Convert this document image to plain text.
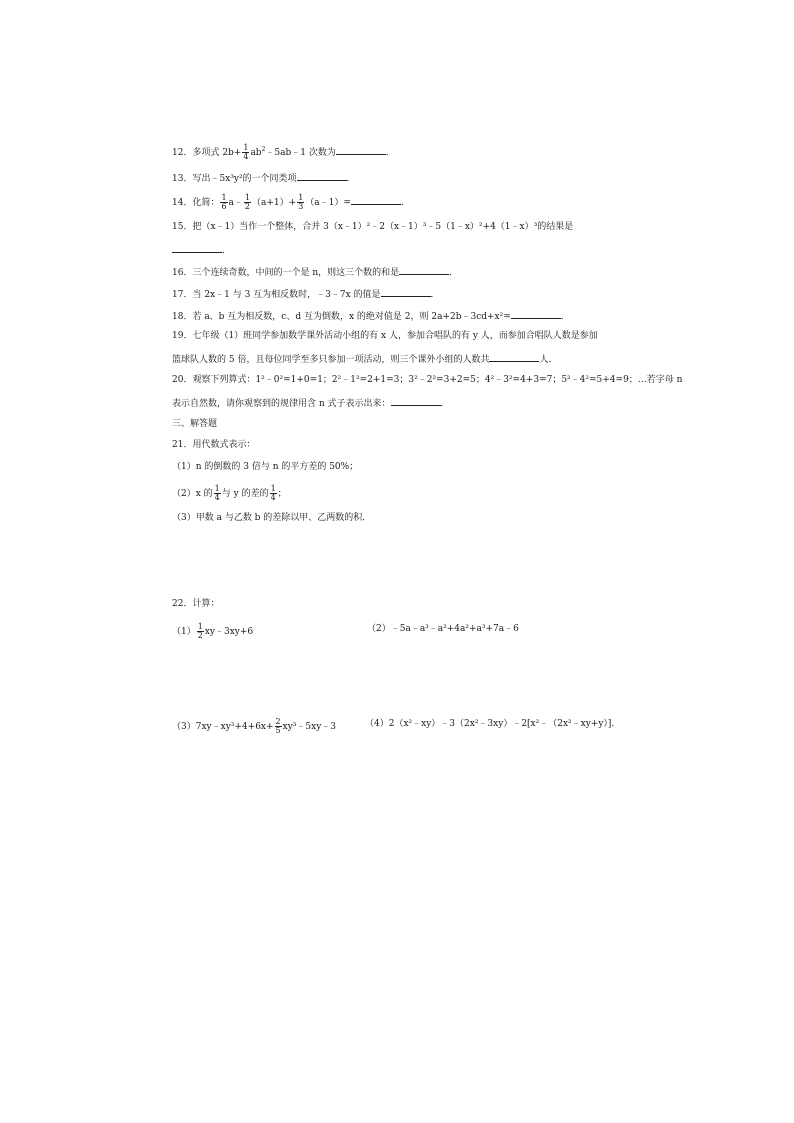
12．多项式 $2b+ \frac{1}{4}$ $ab^2﹣5ab﹣1$ 次数为	．
13．写出﹣5x³y²的一个同类项	．
14．化简： $\frac{1}{6}$ a﹣ $\frac{1}{2} (a+1)+ \frac{1}{3}$ （a﹣1）=	．
15．把（x﹣1）当作一个整体，合并 3（x﹣1）²﹣2（x﹣1）³﹣5（1﹣x）²+4（1﹣x）³的结果是
．
16．三个连续奇数，中间的一个是 n，则这三个数的和是	．
17．当 2x﹣1 与 3 互为相反数时，﹣3﹣7x 的值是	．
18．若 a、b 互为相反数，c、d 互为倒数，x 的绝对值是 2，则 2a+2b﹣3cd+x²=	．
19．七年级（1）班同学参加数学课外活动小组的有 x 人，参加合唱队的有 y 人，而参加合唱队人数是参加
篮球队人数的 5 倍，且每位同学至多只参加一项活动，则三个课外小组的人数共	人．
20．观察下列算式：1²﹣0²=1+0=1；2²﹣1²=2+1=3；3²﹣2²=3+2=5；4²﹣3²=4+3=7；5²﹣4²=5+4=9；…若字母 n
表示自然数，请你观察到的规律用含 n 式子表示出来：	．
三、解答题
21．用代数式表示：
（1）n 的倒数的 3 倍与 n 的平方差的 50%；
（2）x 的 $\frac{1}{4}$ 与 y 的差的 $\frac{1}{4}$ ；
（3）甲数 a 与乙数 b 的差除以甲、乙两数的积．
22．计算：
$(1) \frac{1}{2}$ xy﹣3xy+6	（2）﹣5a﹣a³﹣a²+4a²+a³+7a﹣6
（3）7xy﹣xy³+4+6x+ $\frac{2}{5}$ xy³﹣5xy﹣3	（4）2（x²﹣xy）﹣3（2x²﹣3xy）﹣2[x²﹣（2x²﹣xy+y）]．
